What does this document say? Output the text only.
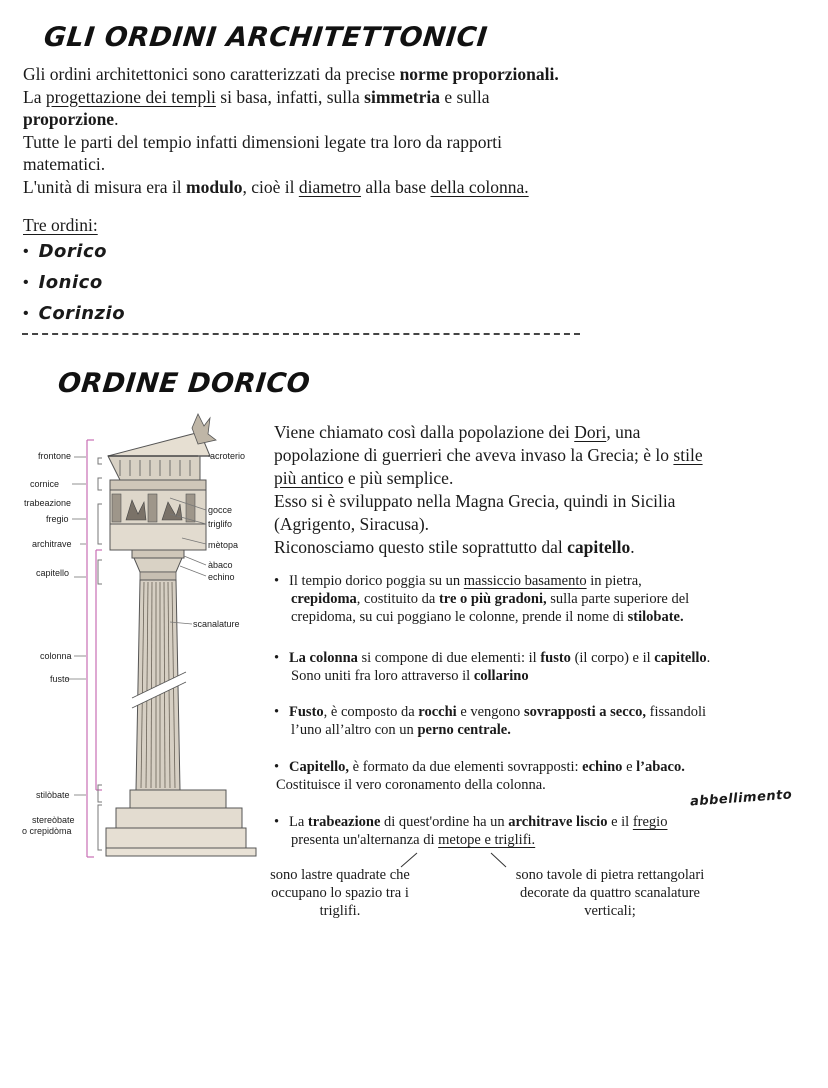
GLI ORDINI ARCHITETTONICI

Gli ordini architettonici sono caratterizzati da precise norme proporzionali.

La progettazione dei templi si basa, infatti, sulla simmetria e sulla

proporzione.

Tutte le parti del tempio infatti dimensioni legate tra loro da rapporti

matematici.

L'unità di misura era il modulo, cioè il diametro alla base della colonna.

Tre ordini:
• Dorico
• Ionico
• Corinzio
ORDINE DORICO
frontone
cornice
trabeazione
fregio
architrave
capitello
colonna
fusto
stilòbate
stereòbate
o crepidòma
acroterio
gocce
triglifo
mètopa
àbaco
echino
scanalature

Viene chiamato così dalla popolazione dei Dori, una

popolazione di guerrieri che aveva invaso la Grecia; è lo stile

più antico e più semplice.

Esso si è sviluppato nella Magna Grecia, quindi in Sicilia

(Agrigento, Siracusa).

Riconosciamo questo stile soprattutto dal capitello.

• Il tempio dorico poggia su un massiccio basamento in pietra,
crepidoma, costituito da tre o più gradoni, sulla parte superiore del
crepidoma, su cui poggiano le colonne, prende il nome di stilobate.
• La colonna si compone di due elementi: il fusto (il corpo) e il capitello.
Sono uniti fra loro attraverso il collarino
• Fusto, è composto da rocchi e vengono sovrapposti a secco, fissandoli
l’uno all’altro con un perno centrale.
• Capitello, è formato da due elementi sovrapposti: echino e l’abaco.
Costituisce il vero coronamento della colonna.
• La trabeazione di quest'ordine ha un architrave liscio e il fregio
presenta un'alternanza di metope e triglifi.
abbellimento
sono lastre quadrate che
occupano lo spazio tra i
triglifi.
sono tavole di pietra rettangolari
decorate da quattro scanalature
verticali;
